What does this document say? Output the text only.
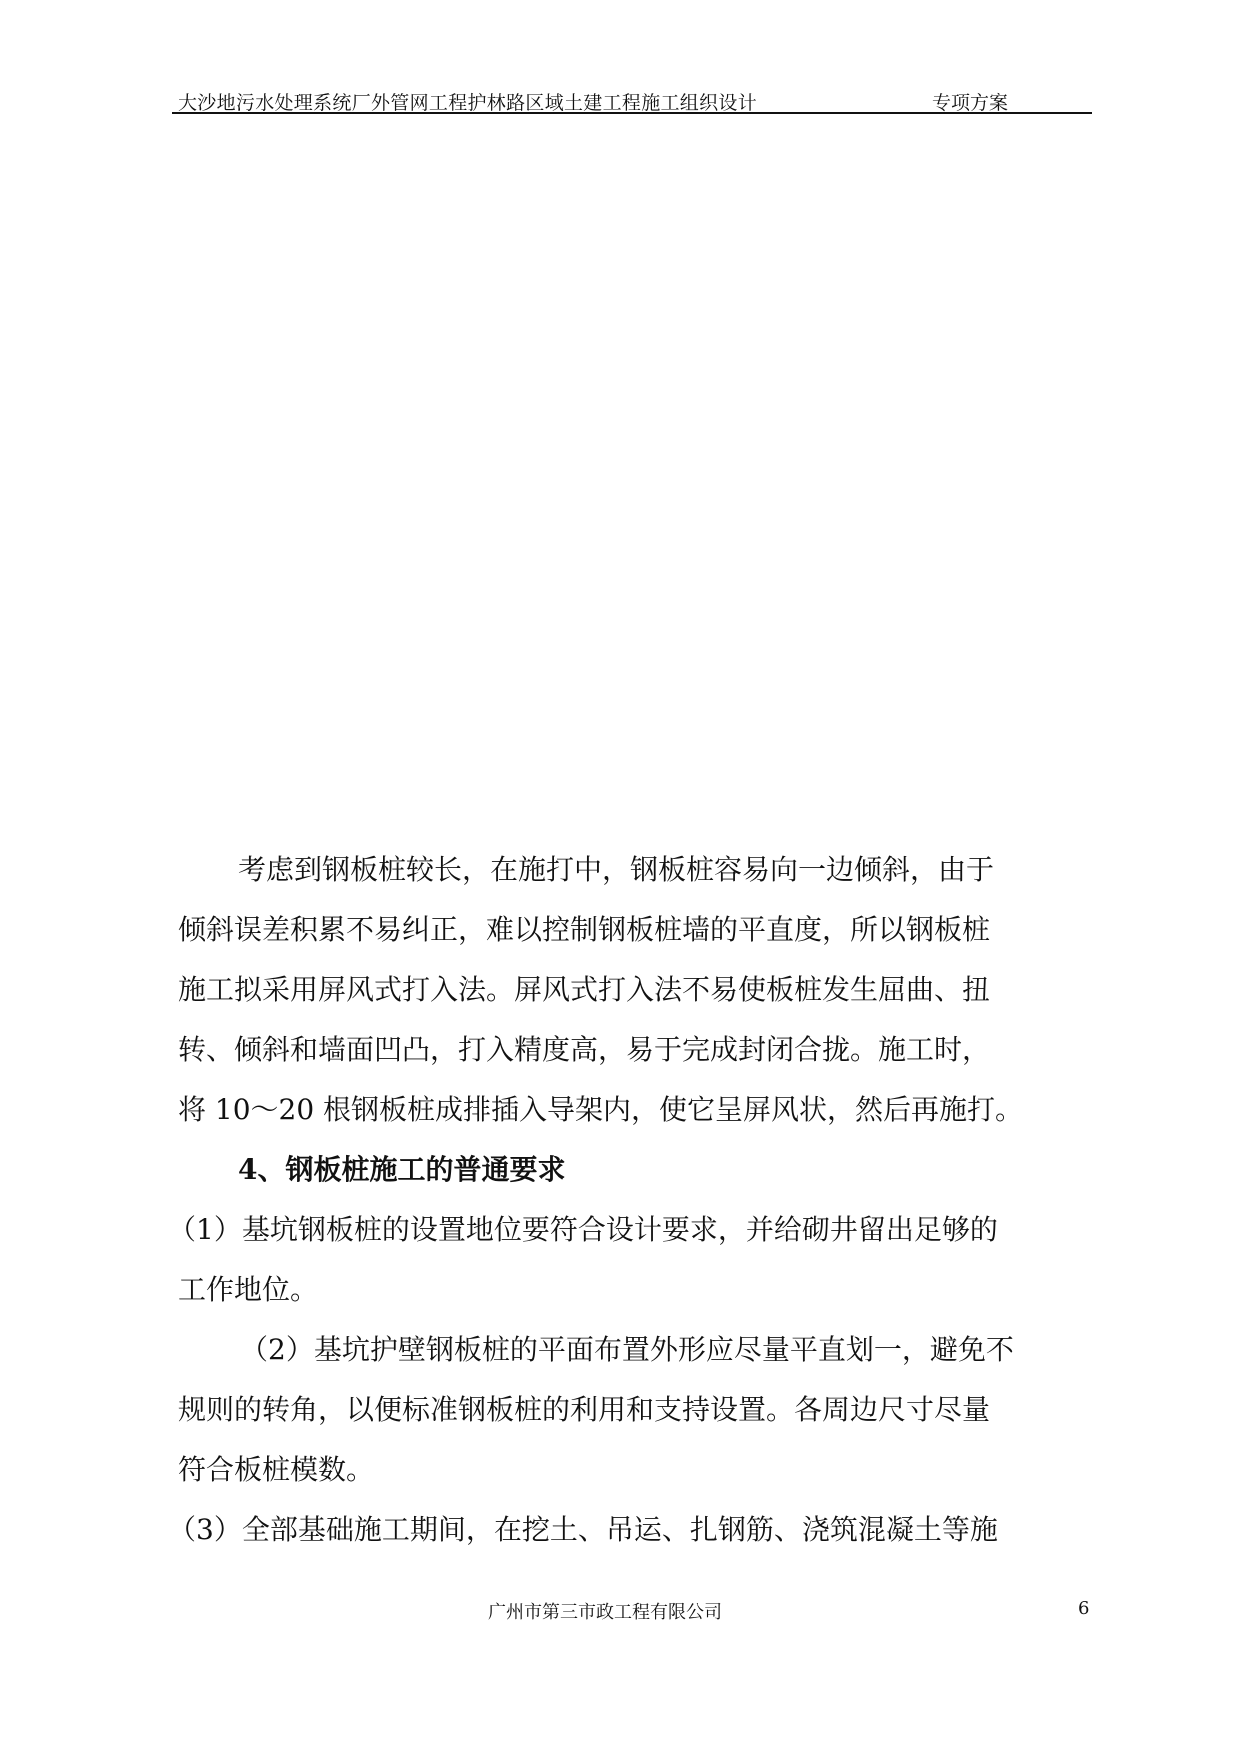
大沙地污水处理系统厂外管网工程护林路区域土建工程施工组织设计	专项方案
考虑到钢板桩较长，在施打中，钢板桩容易向一边倾斜，由于
倾斜误差积累不易纠正，难以控制钢板桩墙的平直度，所以钢板桩
施工拟采用屏风式打入法。屏风式打入法不易使板桩发生屈曲、扭
转、倾斜和墙面凹凸，打入精度高，易于完成封闭合拢。施工时，
将 10～20 根钢板桩成排插入导架内，使它呈屏风状，然后再施打。
4、钢板桩施工的普通要求
（1）基坑钢板桩的设置地位要符合设计要求，并给砌井留出足够的
工作地位。
（2）基坑护壁钢板桩的平面布置外形应尽量平直划一，避免不
规则的转角，以便标准钢板桩的利用和支持设置。各周边尺寸尽量
符合板桩模数。
（3）全部基础施工期间，在挖土、吊运、扎钢筋、浇筑混凝土等施
广州市第三市政工程有限公司	6
